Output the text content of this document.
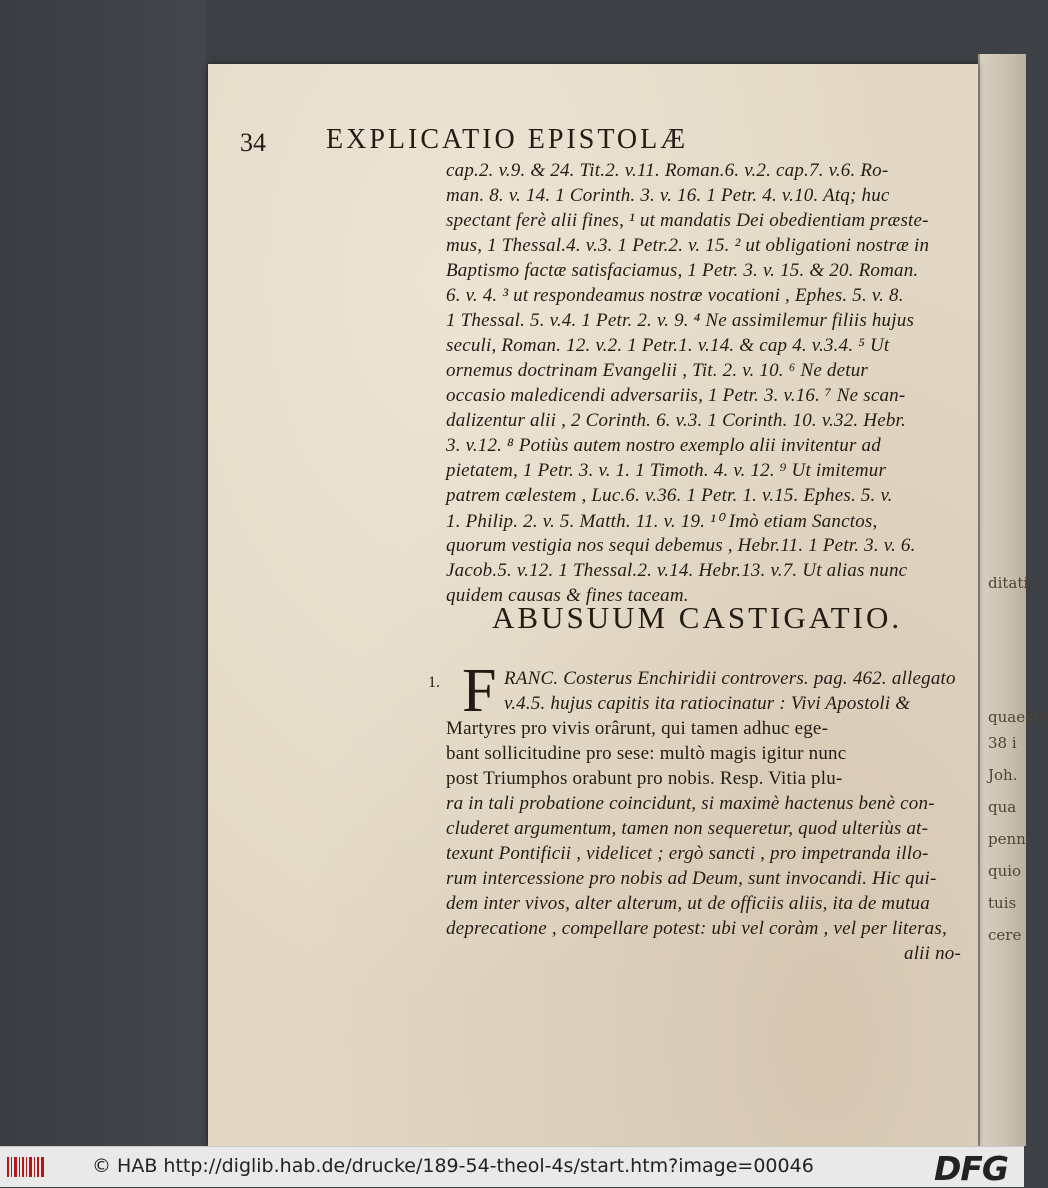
ditati
quaesto
38 i
Joh.
qua
penn
quio
tuis
cere
34 EXPLICATIO EPISTOLÆ
cap.2. v.9. & 24. Tit.2. v.11. Roman.6. v.2. cap.7. v.6. Ro-
man. 8. v. 14. 1 Corinth. 3. v. 16. 1 Petr. 4. v.10. Atq; huc
spectant ferè alii fines, ¹ ut mandatis Dei obedientiam præste-
mus, 1 Thessal.4. v.3. 1 Petr.2. v. 15. ² ut obligationi nostræ in
Baptismo factæ satisfaciamus, 1 Petr. 3. v. 15. & 20. Roman.
6. v. 4. ³ ut respondeamus nostræ vocationi , Ephes. 5. v. 8.
1 Thessal. 5. v.4. 1 Petr. 2. v. 9. ⁴ Ne assimilemur filiis hujus
seculi, Roman. 12. v.2. 1 Petr.1. v.14. & cap 4. v.3.4. ⁵ Ut
ornemus doctrinam Evangelii , Tit. 2. v. 10. ⁶ Ne detur
occasio maledicendi adversariis, 1 Petr. 3. v.16. ⁷ Ne scan-
dalizentur alii , 2 Corinth. 6. v.3. 1 Corinth. 10. v.32. Hebr.
3. v.12. ⁸ Potiùs autem nostro exemplo alii invitentur ad
pietatem, 1 Petr. 3. v. 1. 1 Timoth. 4. v. 12. ⁹ Ut imitemur
patrem cælestem , Luc.6. v.36. 1 Petr. 1. v.15. Ephes. 5. v.
1. Philip. 2. v. 5. Matth. 11. v. 19. ¹⁰ Imò etiam Sanctos,
quorum vestigia nos sequi debemus , Hebr.11. 1 Petr. 3. v. 6.
Jacob.5. v.12. 1 Thessal.2. v.14. Hebr.13. v.7. Ut alias nunc
quidem causas & fines taceam.
ABUSUUM CASTIGATIO.
1. F RANC. Costerus Enchiridii controvers. pag. 462. allegato
v.4.5. hujus capitis ita ratiocinatur : Vivi Apostoli &
Martyres pro vivis orârunt, qui tamen adhuc ege-
bant sollicitudine pro sese: multò magis igitur nunc
post Triumphos orabunt pro nobis. Resp. Vitia plu-
ra in tali probatione coincidunt, si maximè hactenus benè con-
cluderet argumentum, tamen non sequeretur, quod ulteriùs at-
texunt Pontificii , videlicet ; ergò sancti , pro impetranda illo-
rum intercessione pro nobis ad Deum, sunt invocandi. Hic qui-
dem inter vivos, alter alterum, ut de officiis aliis, ita de mutua
deprecatione , compellare potest: ubi vel coràm , vel per literas,
alii no-
© HAB http://diglib.hab.de/drucke/189-54-theol-4s/start.htm?image=00046	DFG
